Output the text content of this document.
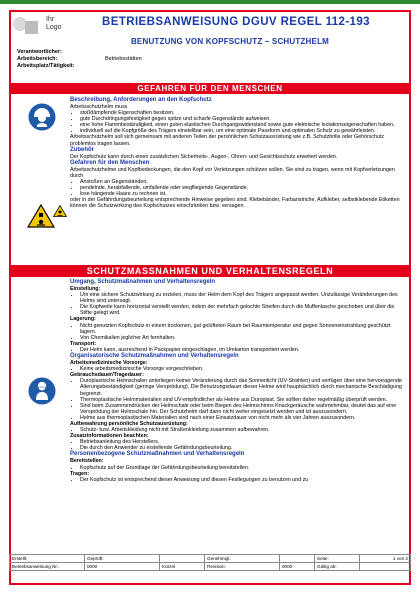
Ihr Logo	BETRIEBSANWEISUNG DGUV REGEL 112-193
BENUTZUNG VON KOPFSCHUTZ – SCHUTZHELM
Verantwortlicher:
Arbeitsbereich:	Betriebsstätten
Arbeitsplatz/Tätigkeit:
GEFAHREN FÜR DEN MENSCHEN
Beschreibung, Anforderungen an den Kopfschutz

Arbeitsschutzhelm muss

• stoßdämpfende Eigenschaften besitzen.
• gute Durchdringungsfestigkeit gegen spitze und scharfe Gegenstände aufweisen.
• eine hohe Flammbeständigkeit, einen guten elastischen Durchgangswiderstand sowie gute elektrische Isolationseigenschaften haben.
• individuell auf die Kopfgröße des Trägers einstellbar sein, um eine optimale Passform und optimalen Schutz zu gewährleisten.

Arbeitsschutzhelm soll sich gemeinsam mit anderen Teilen der persönlichen Schutzausrüstung wie z.B. Schutzbrille oder Gehörschutz problemlos tragen lassen.

Zubehör

Der Kopfschutz kann durch einen zusätzlichen Sicherheits-, Augen-, Ohren- und Gesichtsschutz erweitert werden.

Gefahren für den Menschen

Arbeitsschutzhelme und Kopfbedeckungen, die den Kopf vor Verletzungen schützen sollen. Sie sind zu tragen, wenn mit Kopfverletzungen durch

• Anstoßen an Gegenständen,
• pendelnde, herabfallende, umfallende oder wegfliegende Gegenstände,
• lose hängende Haare zu rechnen ist,

oder in der Gefährdungsbeurteilung entsprechende Hinweise gegeben sind. Klebebänder, Farbanstriche, Aufkleber, selbstklebende Etiketten können die Schutzwirkung des Kopfschutzes einschränken bzw. versagen.

SCHUTZMASSNAHMEN UND VERHALTENSREGELN
Umgang, Schutzmaßnahmen und Verhaltensregeln
Einstellung:
• Um eine sichere Schutzwirkung zu erzielen, muss der Helm dem Kopf des Trägers angepasst werden. Unzulässige Veränderungen des Helms sind untersagt.
• Die Kopfweite kann horizontal verstellt werden, indem der mehrfach gelochte Streifen durch die Muffenlasche geschoben und über die Stifte gelegt wird.
Lagerung:
• Nicht genutzten Kopfschutz in einem trockenen, gut gelüfteten Raum bei Raumtemperatur und gegen Sonneneinstrahlung geschützt lagern.
• Von Chemikalien jeglicher Art fernhalten.
Transport:
• Der Helm kann, ausreichend in Packpapier eingeschlagen, im Umkarton transportiert werden.
Organisatorische Schutzmaßnahmen und Verhaltensregeln
Arbeitsmedizinische Vorsorge:
• Keine arbeitsmedizinische Vorsorge vorgeschrieben.
Gebrauchsdauer/Tragedauer:
• Duroplastische Helmschalen unterliegen keiner Veränderung durch das Sonnenlicht (UV-Strahlen) und verfügen über eine hervorragende Alterungsbeständigkeit (geringe Versprödung). Die Benutzungsdauer dieser Helme wird hauptsächlich durch mechanische Beschädigung begrenzt.
• Thermoplastische Helmmaterialien sind UV-empfindlicher als Helme aus Duroplast. Sie sollten daher regelmäßig überprüft werden.
• Sind beim Zusammendrücken der Helmschale oder beim Biegen des Helmschirms Knackgeräusche wahrnehmbar, deutet das auf eine Versprödung der Helmschale hin. Der Schutzhelm darf dann nicht weiter eingesetzt werden und ist auszusondern.
• Helme aus thermoplastischen Materialien sind nach einer Einsatzdauer von nicht mehr als vier Jahren auszusondern.
Aufbewahrung persönliche Schutzausrüstung:
• Schutz- bzw. Arbeitskleidung nicht mit Straßenkleidung zusammen aufbewahren.
Zusatzinformationen beachten:
• Betriebsanleitung des Herstellers.
• Die durch den Anwender zu erstellende Gefährdungsbeurteilung.
Personenbezogene Schutzmaßnahmen und Verhaltensregeln
Bereitstellen:
• Kopfschutz auf der Grundlage der Gefährdungsbeurteilung bereitstellen.
Tragen:
• Der Kopfschutz ist entsprechend dieser Anweisung und diesen Festlegungen zu benutzen und zu
Erstellt:	Geprüft:		Genehmigt:		Seite:	1 von 2
Betriebsanweisung Nr.:	0000	Kürzel	Revision:	0000	Gültig ab:	
